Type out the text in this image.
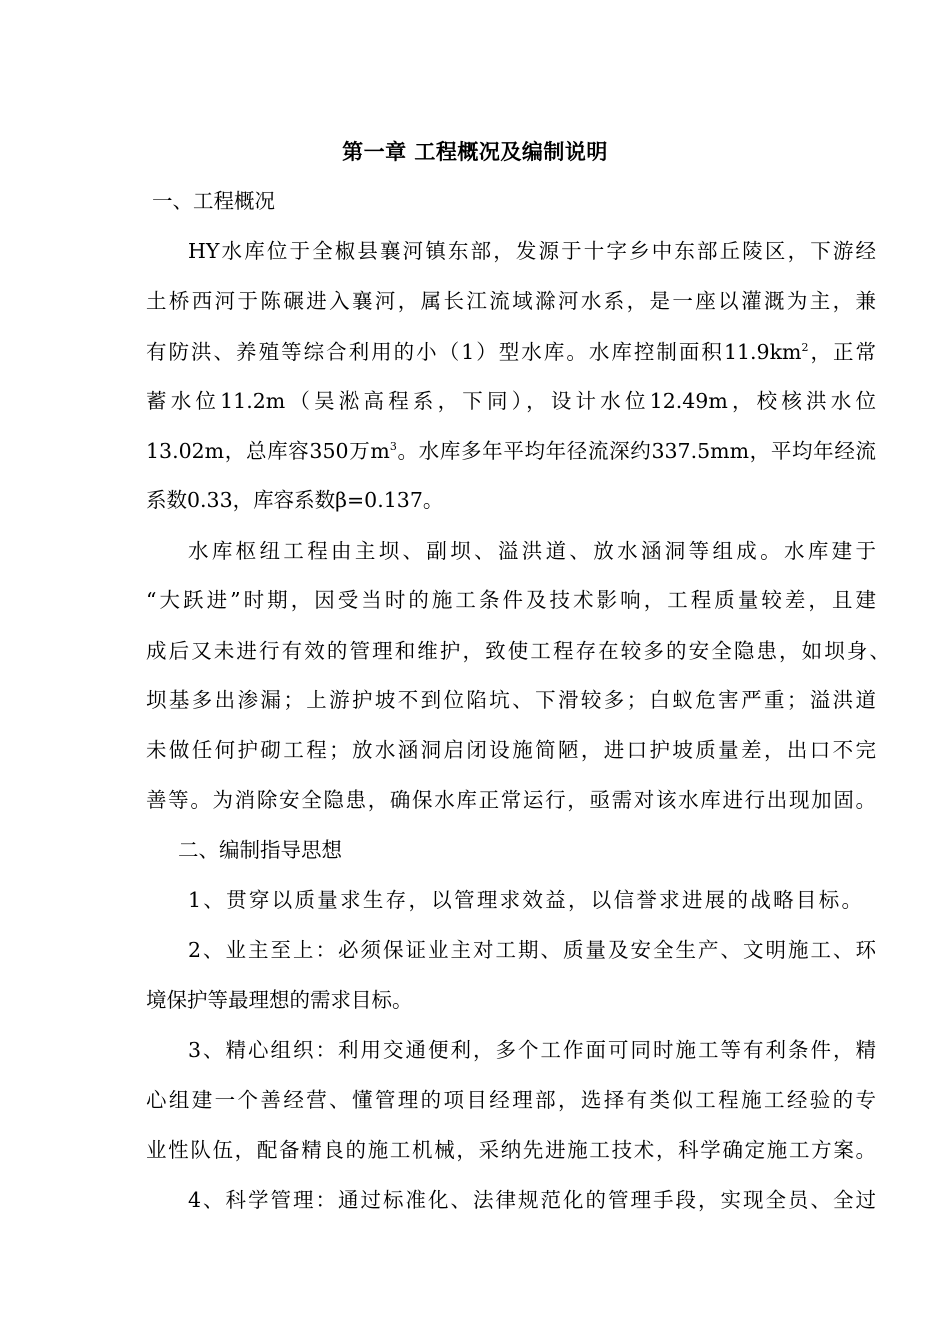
第一章 工程概况及编制说明
一、工程概况
HY水库位于全椒县襄河镇东部，发源于十字乡中东部丘陵区，下游经
土桥西河于陈碾进入襄河，属长江流域滁河水系，是一座以灌溉为主，兼
有防洪、养殖等综合利用的小（1）型水库。水库控制面积$11.9km^2$，正常
蓄水位11.2m（吴淞高程系，下同），设计水位12.49m，校核洪水位
13.02m，总库容350万$m^3$。水库多年平均年径流深约337.5mm，平均年经流
系数0.33，库容系数β=0.137。
水库枢纽工程由主坝、副坝、溢洪道、放水涵洞等组成。水库建于
“大跃进”时期，因受当时的施工条件及技术影响，工程质量较差，且建
成后又未进行有效的管理和维护，致使工程存在较多的安全隐患，如坝身、
坝基多出渗漏；上游护坡不到位陷坑、下滑较多；白蚁危害严重；溢洪道
未做任何护砌工程；放水涵洞启闭设施简陋，进口护坡质量差，出口不完
善等。为消除安全隐患，确保水库正常运行，亟需对该水库进行出现加固。
二、编制指导思想
1、贯穿以质量求生存，以管理求效益，以信誉求进展的战略目标。
2、业主至上：必须保证业主对工期、质量及安全生产、文明施工、环
境保护等最理想的需求目标。
3、精心组织：利用交通便利，多个工作面可同时施工等有利条件，精
心组建一个善经营、懂管理的项目经理部，选择有类似工程施工经验的专
业性队伍，配备精良的施工机械，采纳先进施工技术，科学确定施工方案。
4、科学管理：通过标准化、法律规范化的管理手段，实现全员、全过
